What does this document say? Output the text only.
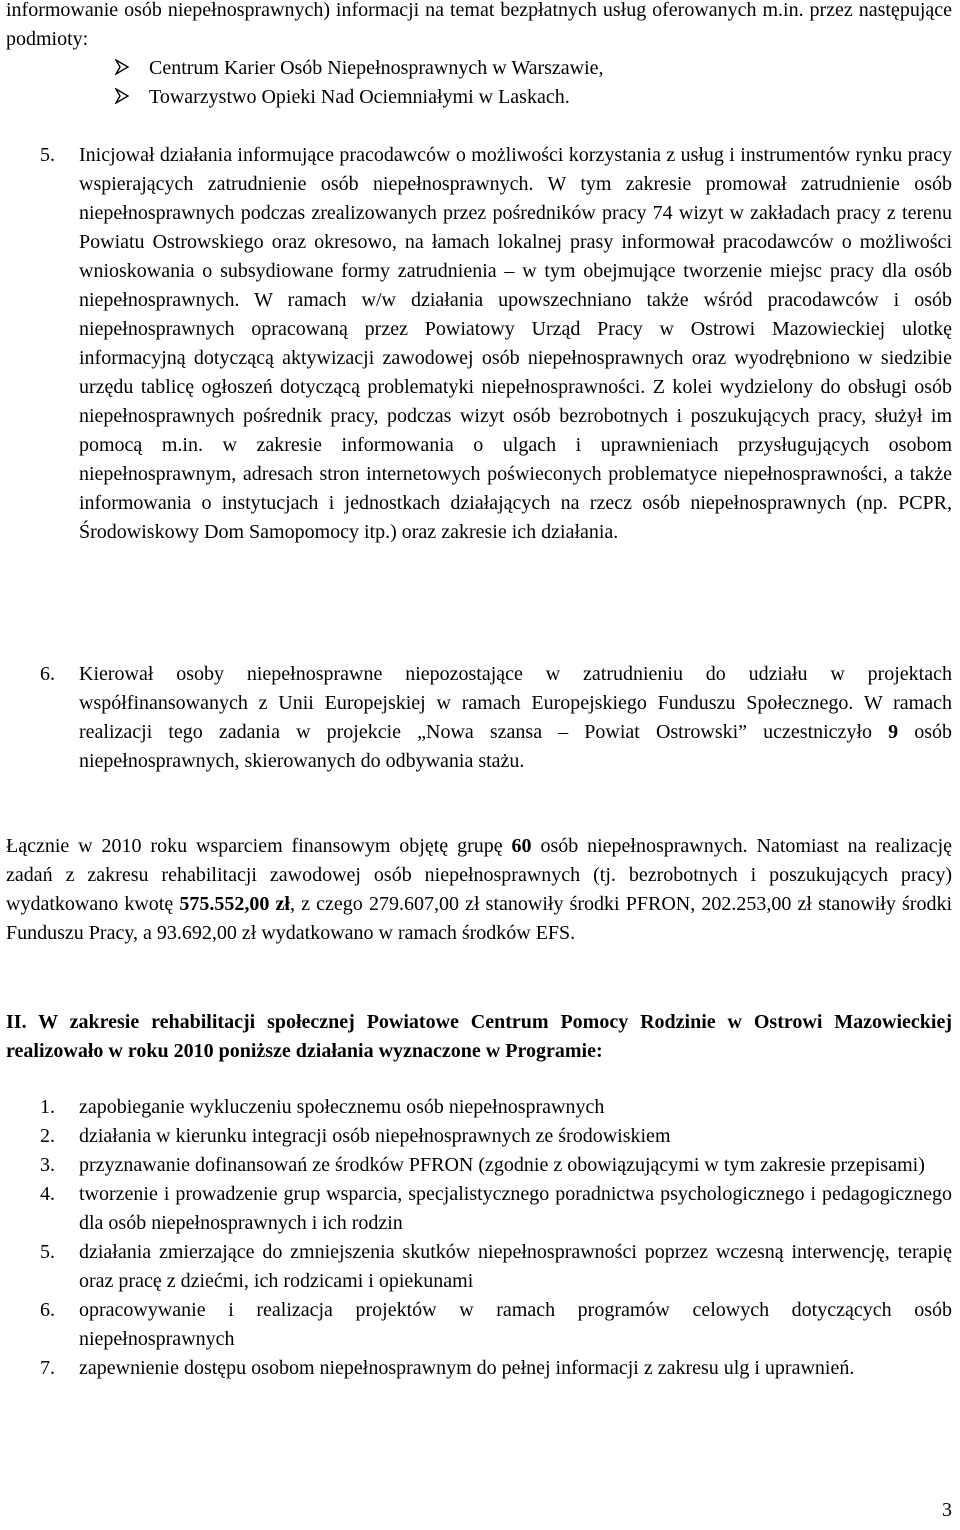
informowanie osób niepełnosprawnych) informacji na temat bezpłatnych usług oferowanych m.in. przez następujące podmioty:

Centrum Karier Osób Niepełnosprawnych w Warszawie,

Towarzystwo Opieki Nad Ociemniałymi w Laskach.

5. Inicjował działania informujące pracodawców o możliwości korzystania z usług i instrumentów rynku pracy wspierających zatrudnienie osób niepełnosprawnych. W tym zakresie promował zatrudnienie osób niepełnosprawnych podczas zrealizowanych przez pośredników pracy 74 wizyt w zakładach pracy z terenu Powiatu Ostrowskiego oraz okresowo, na łamach lokalnej prasy informował pracodawców o możliwości wnioskowania o subsydiowane formy zatrudnienia – w tym obejmujące tworzenie miejsc pracy dla osób niepełnosprawnych. W ramach w/w działania upowszechniano także wśród pracodawców i osób niepełnosprawnych opracowaną przez Powiatowy Urząd Pracy w Ostrowi Mazowieckiej ulotkę informacyjną dotyczącą aktywizacji zawodowej osób niepełnosprawnych oraz wyodrębniono w siedzibie urzędu tablicę ogłoszeń dotyczącą problematyki niepełnosprawności. Z kolei wydzielony do obsługi osób niepełnosprawnych pośrednik pracy, podczas wizyt osób bezrobotnych i poszukujących pracy, służył im pomocą m.in. w zakresie informowania o ulgach i uprawnieniach przysługujących osobom niepełnosprawnym, adresach stron internetowych poświeconych problematyce niepełnosprawności, a także informowania o instytucjach i jednostkach działających na rzecz osób niepełnosprawnych (np. PCPR, Środowiskowy Dom Samopomocy itp.) oraz zakresie ich działania.

6. Kierował osoby niepełnosprawne niepozostające w zatrudnieniu do udziału w projektach współfinansowanych z Unii Europejskiej w ramach Europejskiego Funduszu Społecznego. W ramach realizacji tego zadania w projekcie „Nowa szansa – Powiat Ostrowski” uczestniczyło 9 osób niepełnosprawnych, skierowanych do odbywania stażu.

Łącznie w 2010 roku wsparciem finansowym objętę grupę 60 osób niepełnosprawnych. Natomiast na realizację zadań z zakresu rehabilitacji zawodowej osób niepełnosprawnych (tj. bezrobotnych i poszukujących pracy) wydatkowano kwotę 575.552,00 zł, z czego 279.607,00 zł stanowiły środki PFRON, 202.253,00 zł stanowiły środki Funduszu Pracy, a 93.692,00 zł wydatkowano w ramach środków EFS.

II. W zakresie rehabilitacji społecznej Powiatowe Centrum Pomocy Rodzinie w Ostrowi Mazowieckiej realizowało w roku 2010 poniższe działania wyznaczone w Programie:

1. zapobieganie wykluczeniu społecznemu osób niepełnosprawnych
2. działania w kierunku integracji osób niepełnosprawnych ze środowiskiem
3. przyznawanie dofinansowań ze środków PFRON (zgodnie z obowiązującymi w tym zakresie przepisami)
4. tworzenie i prowadzenie grup wsparcia, specjalistycznego poradnictwa psychologicznego i pedagogicznego dla osób niepełnosprawnych i ich rodzin
5. działania zmierzające do zmniejszenia skutków niepełnosprawności poprzez wczesną interwencję, terapię oraz pracę z dziećmi, ich rodzicami i opiekunami
6. opracowywanie i realizacja projektów w ramach programów celowych dotyczących osób niepełnosprawnych
7. zapewnienie dostępu osobom niepełnosprawnym do pełnej informacji z zakresu ulg i uprawnień.

3
